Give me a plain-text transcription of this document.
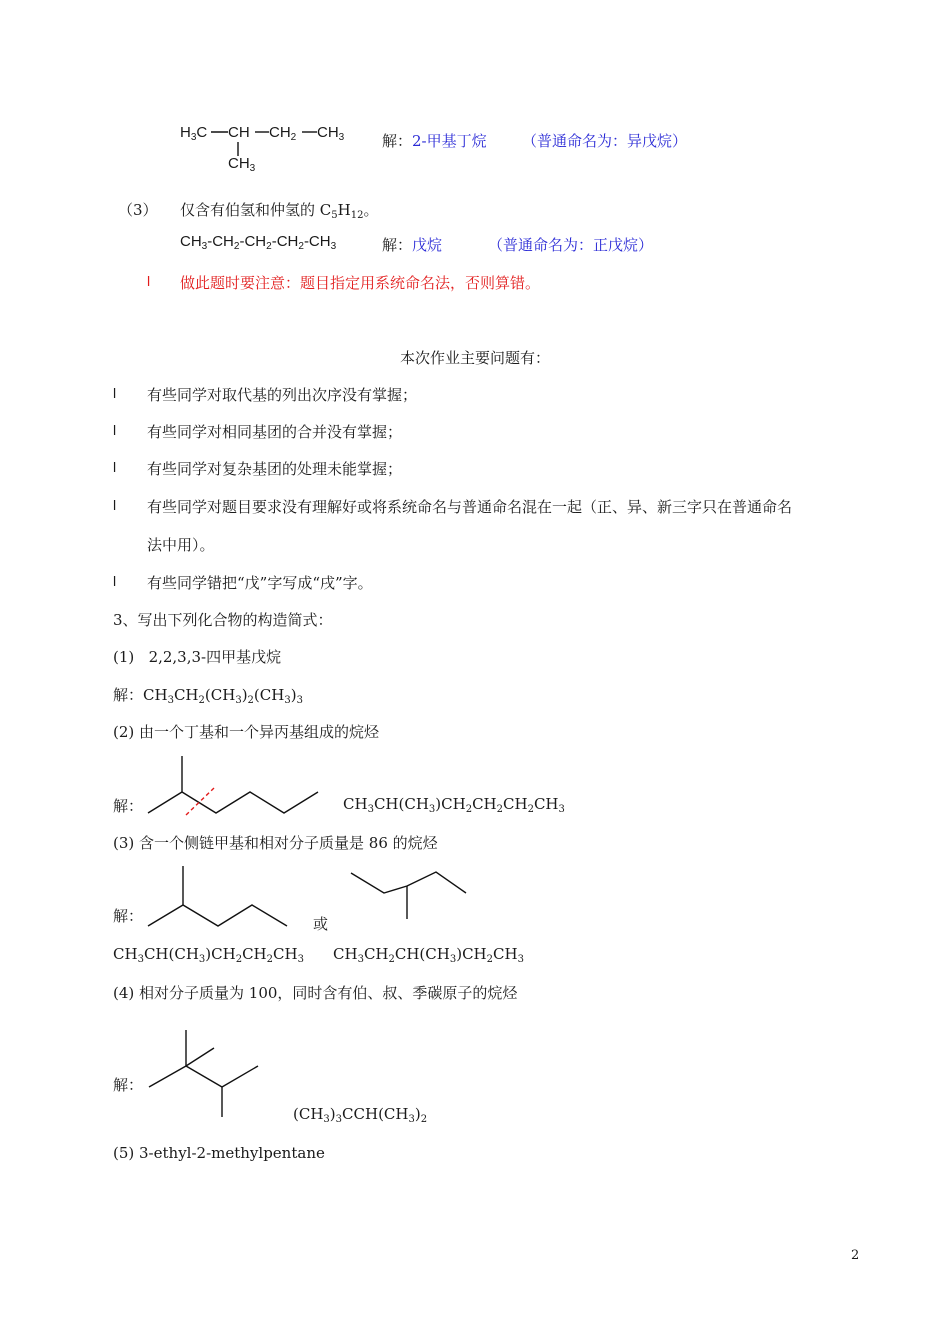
$H_3C$ CH $CH_2$ $CH_3$
$CH_3$
解：2-甲基丁烷 （普通命名为：异戊烷）
（3） 仅含有伯氢和仲氢的 $C_5H_{12}$。
$CH_3-CH_2-CH_2-CH_2-CH_3$	解：戊烷	（普通命名为：正戊烷）
l 做此题时要注意：题目指定用系统命名法，否则算错。
本次作业主要问题有：
l 有些同学对取代基的列出次序没有掌握；
l 有些同学对相同基团的合并没有掌握；
l 有些同学对复杂基团的处理未能掌握；
l 有些同学对题目要求没有理解好或将系统命名与普通命名混在一起（正、异、新三字只在普通命名
法中用）。
l 有些同学错把“戊”字写成“戌”字。
3、写出下列化合物的构造简式：
(1) 2,2,3,3-四甲基戊烷
解：$CH_3CH_2(CH_3)_2(CH_3)_3$
(2) 由一个丁基和一个异丙基组成的烷烃
解：	$CH_3CH(CH_3)CH_2CH_2CH_2CH_3$
(3) 含一个侧链甲基和相对分子质量是 86 的烷烃
解：	或
$CH_3CH(CH_3)CH_2CH_2CH_3$ $CH_3CH_2CH(CH_3)CH_2CH_3$
(4) 相对分子质量为 100，同时含有伯、叔、季碳原子的烷烃
解：
$(CH_3)_3CCH(CH_3)_2$
(5) 3-ethyl-2-methylpentane
2
